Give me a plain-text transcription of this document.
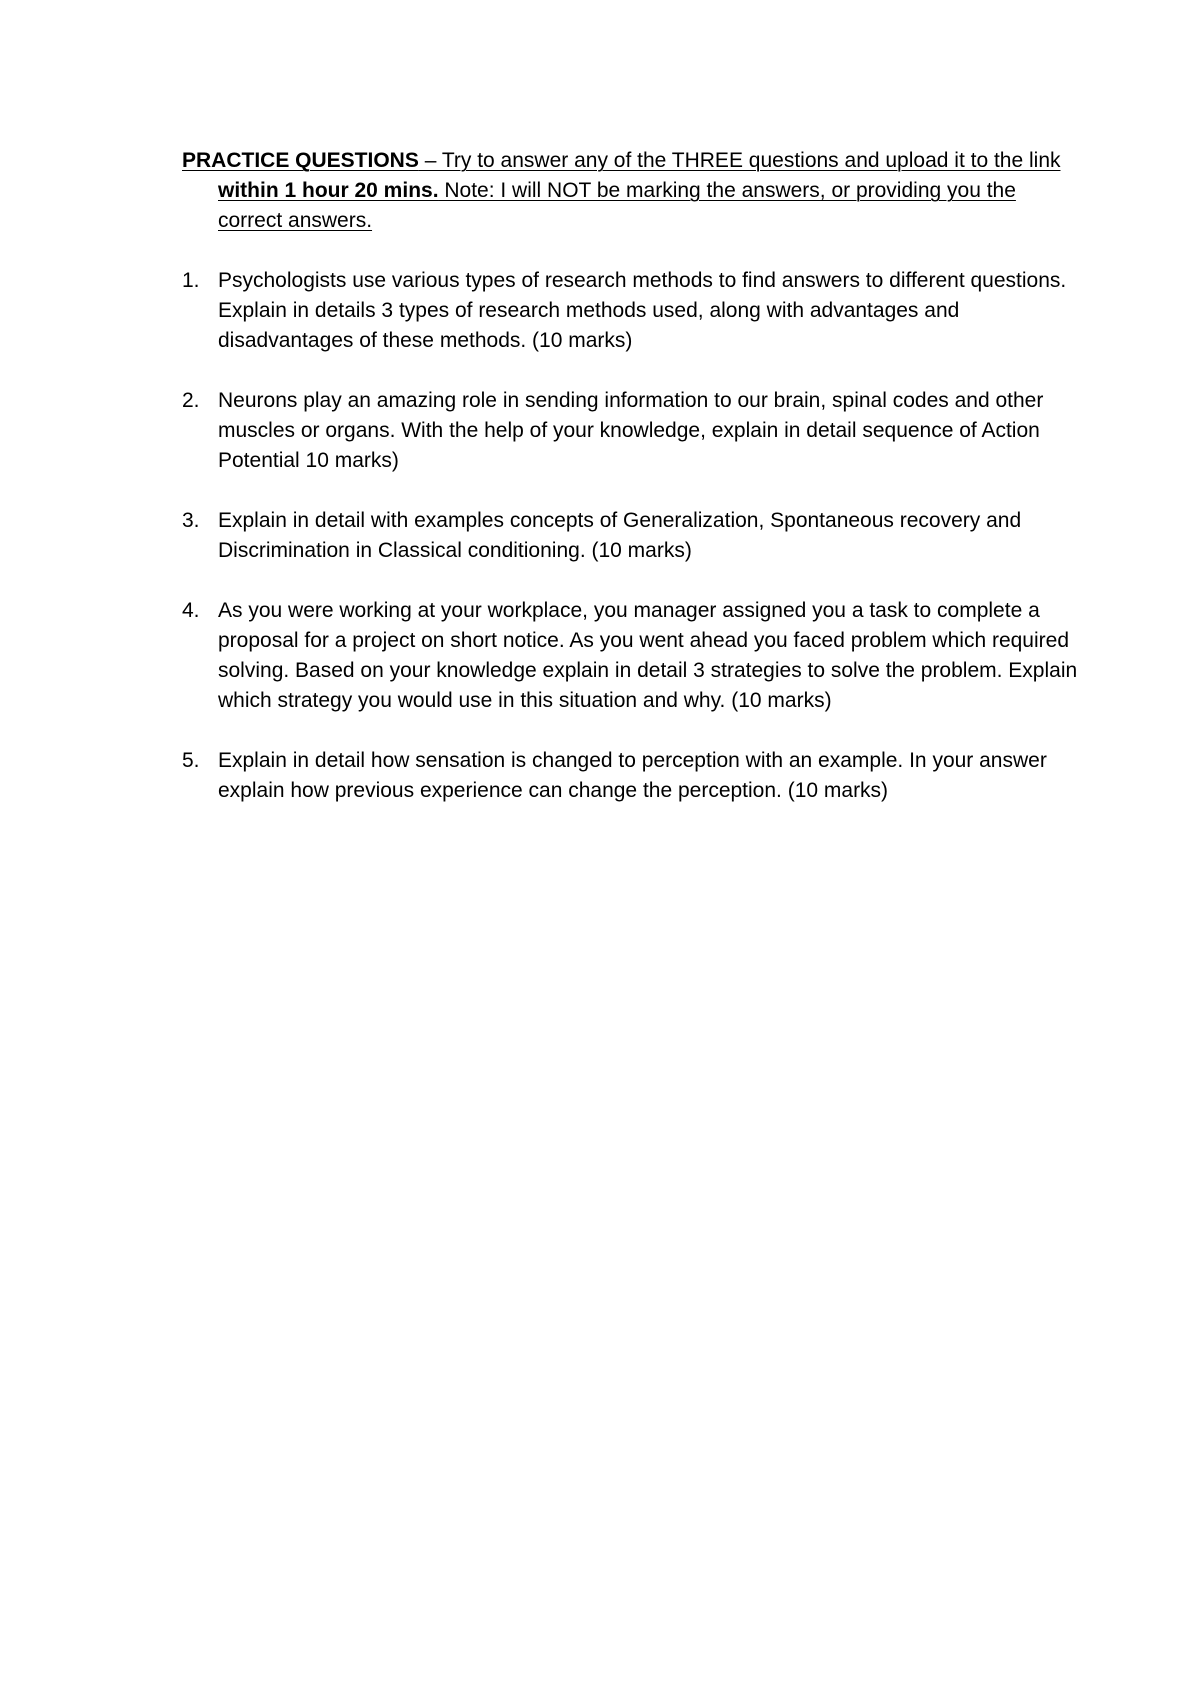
PRACTICE QUESTIONS – Try to answer any of the THREE questions and upload it to the link within 1 hour 20 mins. Note: I will NOT be marking the answers, or providing you the correct answers.

1. Psychologists use various types of research methods to find answers to different questions. Explain in details 3 types of research methods used, along with advantages and disadvantages of these methods. (10 marks)
2. Neurons play an amazing role in sending information to our brain, spinal codes and other muscles or organs. With the help of your knowledge, explain in detail sequence of Action Potential 10 marks)
3. Explain in detail with examples concepts of Generalization, Spontaneous recovery and Discrimination in Classical conditioning. (10 marks)
4. As you were working at your workplace, you manager assigned you a task to complete a proposal for a project on short notice. As you went ahead you faced problem which required solving. Based on your knowledge explain in detail 3 strategies to solve the problem. Explain which strategy you would use in this situation and why. (10 marks)
5. Explain in detail how sensation is changed to perception with an example. In your answer explain how previous experience can change the perception. (10 marks)
